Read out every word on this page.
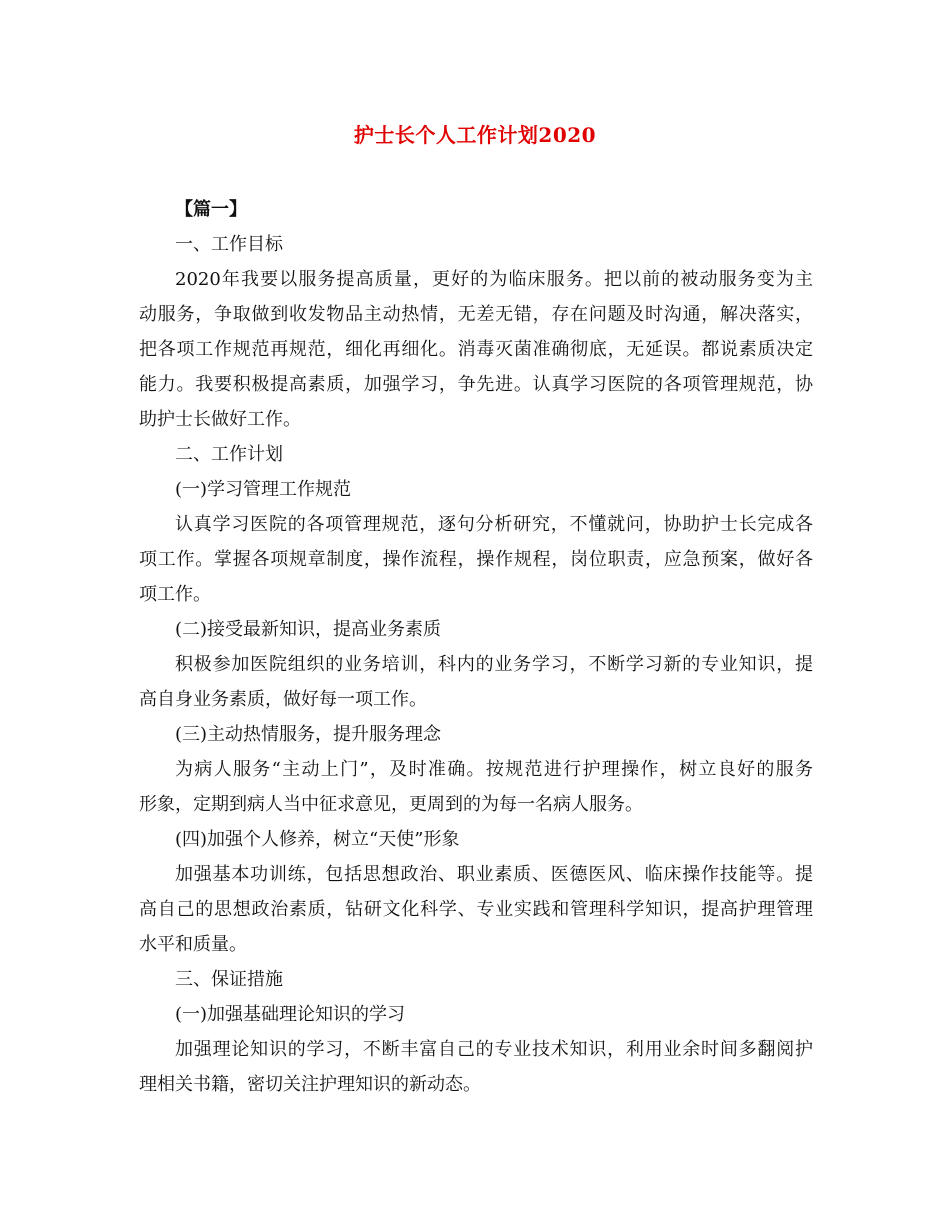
护士长个人工作计划2020
【篇一】
一、工作目标
2020年我要以服务提高质量，更好的为临床服务。把以前的被动服务变为主
动服务，争取做到收发物品主动热情，无差无错，存在问题及时沟通，解决落实，
把各项工作规范再规范，细化再细化。消毒灭菌准确彻底，无延误。都说素质决定
能力。我要积极提高素质，加强学习，争先进。认真学习医院的各项管理规范，协
助护士长做好工作。
二、工作计划
(一)学习管理工作规范
认真学习医院的各项管理规范，逐句分析研究，不懂就问，协助护士长完成各
项工作。掌握各项规章制度，操作流程，操作规程，岗位职责，应急预案，做好各
项工作。
(二)接受最新知识，提高业务素质
积极参加医院组织的业务培训，科内的业务学习，不断学习新的专业知识，提
高自身业务素质，做好每一项工作。
(三)主动热情服务，提升服务理念
为病人服务“主动上门”，及时准确。按规范进行护理操作，树立良好的服务
形象，定期到病人当中征求意见，更周到的为每一名病人服务。
(四)加强个人修养，树立“天使”形象
加强基本功训练，包括思想政治、职业素质、医德医风、临床操作技能等。提
高自己的思想政治素质，钻研文化科学、专业实践和管理科学知识，提高护理管理
水平和质量。
三、保证措施
(一)加强基础理论知识的学习
加强理论知识的学习，不断丰富自己的专业技术知识，利用业余时间多翻阅护
理相关书籍，密切关注护理知识的新动态。
